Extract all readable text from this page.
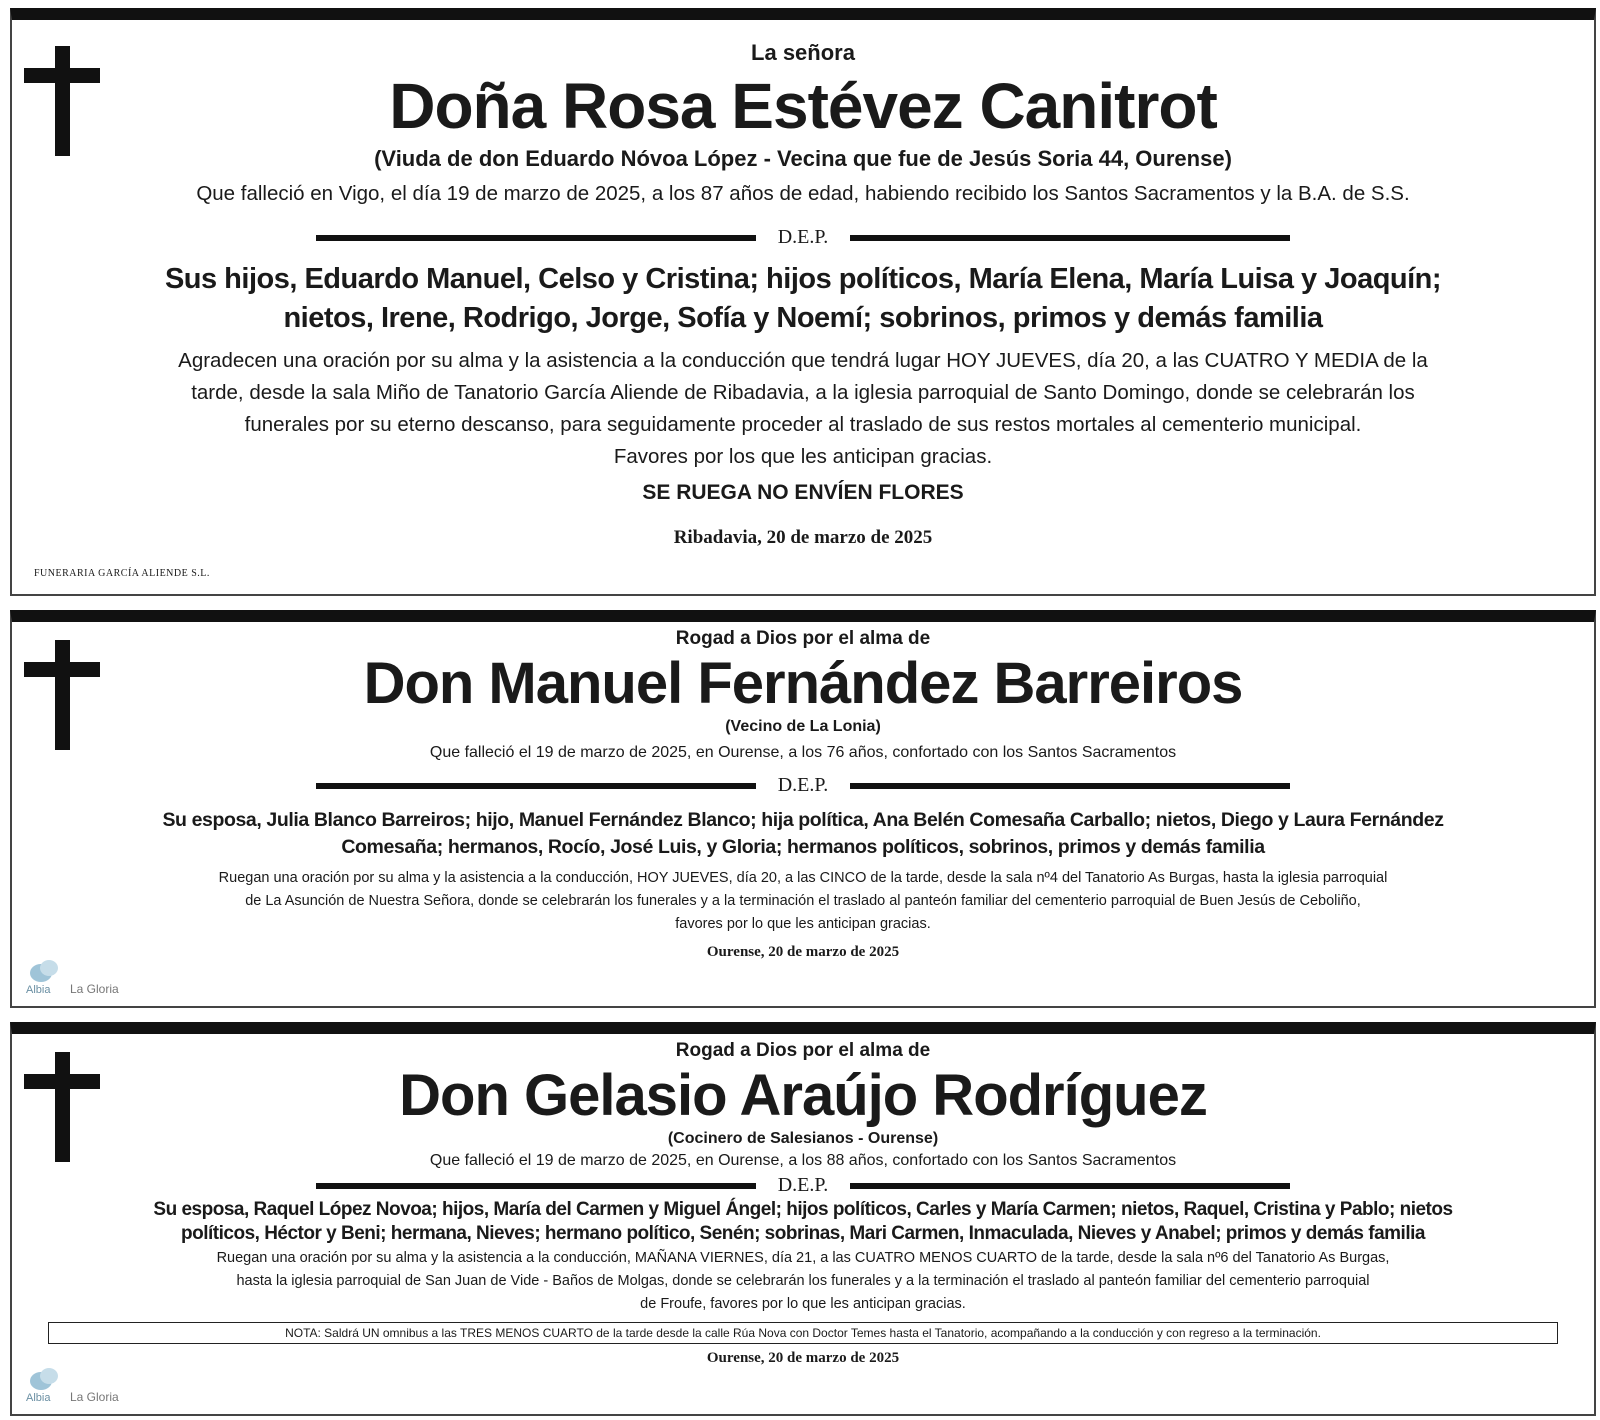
La señora
Doña Rosa Estévez Canitrot
(Viuda de don Eduardo Nóvoa López - Vecina que fue de Jesús Soria 44, Ourense)
Que falleció en Vigo, el día 19 de marzo de 2025, a los 87 años de edad, habiendo recibido los Santos Sacramentos y la B.A. de S.S.
D.E.P.
Sus hijos, Eduardo Manuel, Celso y Cristina; hijos políticos, María Elena, María Luisa y Joaquín;
nietos, Irene, Rodrigo, Jorge, Sofía y Noemí; sobrinos, primos y demás familia
Agradecen una oración por su alma y la asistencia a la conducción que tendrá lugar HOY JUEVES, día 20, a las CUATRO Y MEDIA de la
tarde, desde la sala Miño de Tanatorio García Aliende de Ribadavia, a la iglesia parroquial de Santo Domingo, donde se celebrarán los
funerales por su eterno descanso, para seguidamente proceder al traslado de sus restos mortales al cementerio municipal.
Favores por los que les anticipan gracias.
SE RUEGA NO ENVÍEN FLORES
Ribadavia, 20 de marzo de 2025
FUNERARIA GARCÍA ALIENDE S.L.
Rogad a Dios por el alma de
Don Manuel Fernández Barreiros
(Vecino de La Lonia)
Que falleció el 19 de marzo de 2025, en Ourense, a los 76 años, confortado con los Santos Sacramentos
D.E.P.
Su esposa, Julia Blanco Barreiros; hijo, Manuel Fernández Blanco; hija política, Ana Belén Comesaña Carballo; nietos, Diego y Laura Fernández
Comesaña; hermanos, Rocío, José Luis, y Gloria; hermanos políticos, sobrinos, primos y demás familia
Ruegan una oración por su alma y la asistencia a la conducción, HOY JUEVES, día 20, a las CINCO de la tarde, desde la sala nº4 del Tanatorio As Burgas, hasta la iglesia parroquial
de La Asunción de Nuestra Señora, donde se celebrarán los funerales y a la terminación el traslado al panteón familiar del cementerio parroquial de Buen Jesús de Ceboliño,
favores por lo que les anticipan gracias.
Ourense, 20 de marzo de 2025
Albia La Gloria
Rogad a Dios por el alma de
Don Gelasio Araújo Rodríguez
(Cocinero de Salesianos - Ourense)
Que falleció el 19 de marzo de 2025, en Ourense, a los 88 años, confortado con los Santos Sacramentos
D.E.P.
Su esposa, Raquel López Novoa; hijos, María del Carmen y Miguel Ángel; hijos políticos, Carles y María Carmen; nietos, Raquel, Cristina y Pablo; nietos
políticos, Héctor y Beni; hermana, Nieves; hermano político, Senén; sobrinas, Mari Carmen, Inmaculada, Nieves y Anabel; primos y demás familia
Ruegan una oración por su alma y la asistencia a la conducción, MAÑANA VIERNES, día 21, a las CUATRO MENOS CUARTO de la tarde, desde la sala nº6 del Tanatorio As Burgas,
hasta la iglesia parroquial de San Juan de Vide - Baños de Molgas, donde se celebrarán los funerales y a la terminación el traslado al panteón familiar del cementerio parroquial
de Froufe, favores por lo que les anticipan gracias.
NOTA: Saldrá UN omnibus a las TRES MENOS CUARTO de la tarde desde la calle Rúa Nova con Doctor Temes hasta el Tanatorio, acompañando a la conducción y con regreso a la terminación.
Ourense, 20 de marzo de 2025
Albia La Gloria
